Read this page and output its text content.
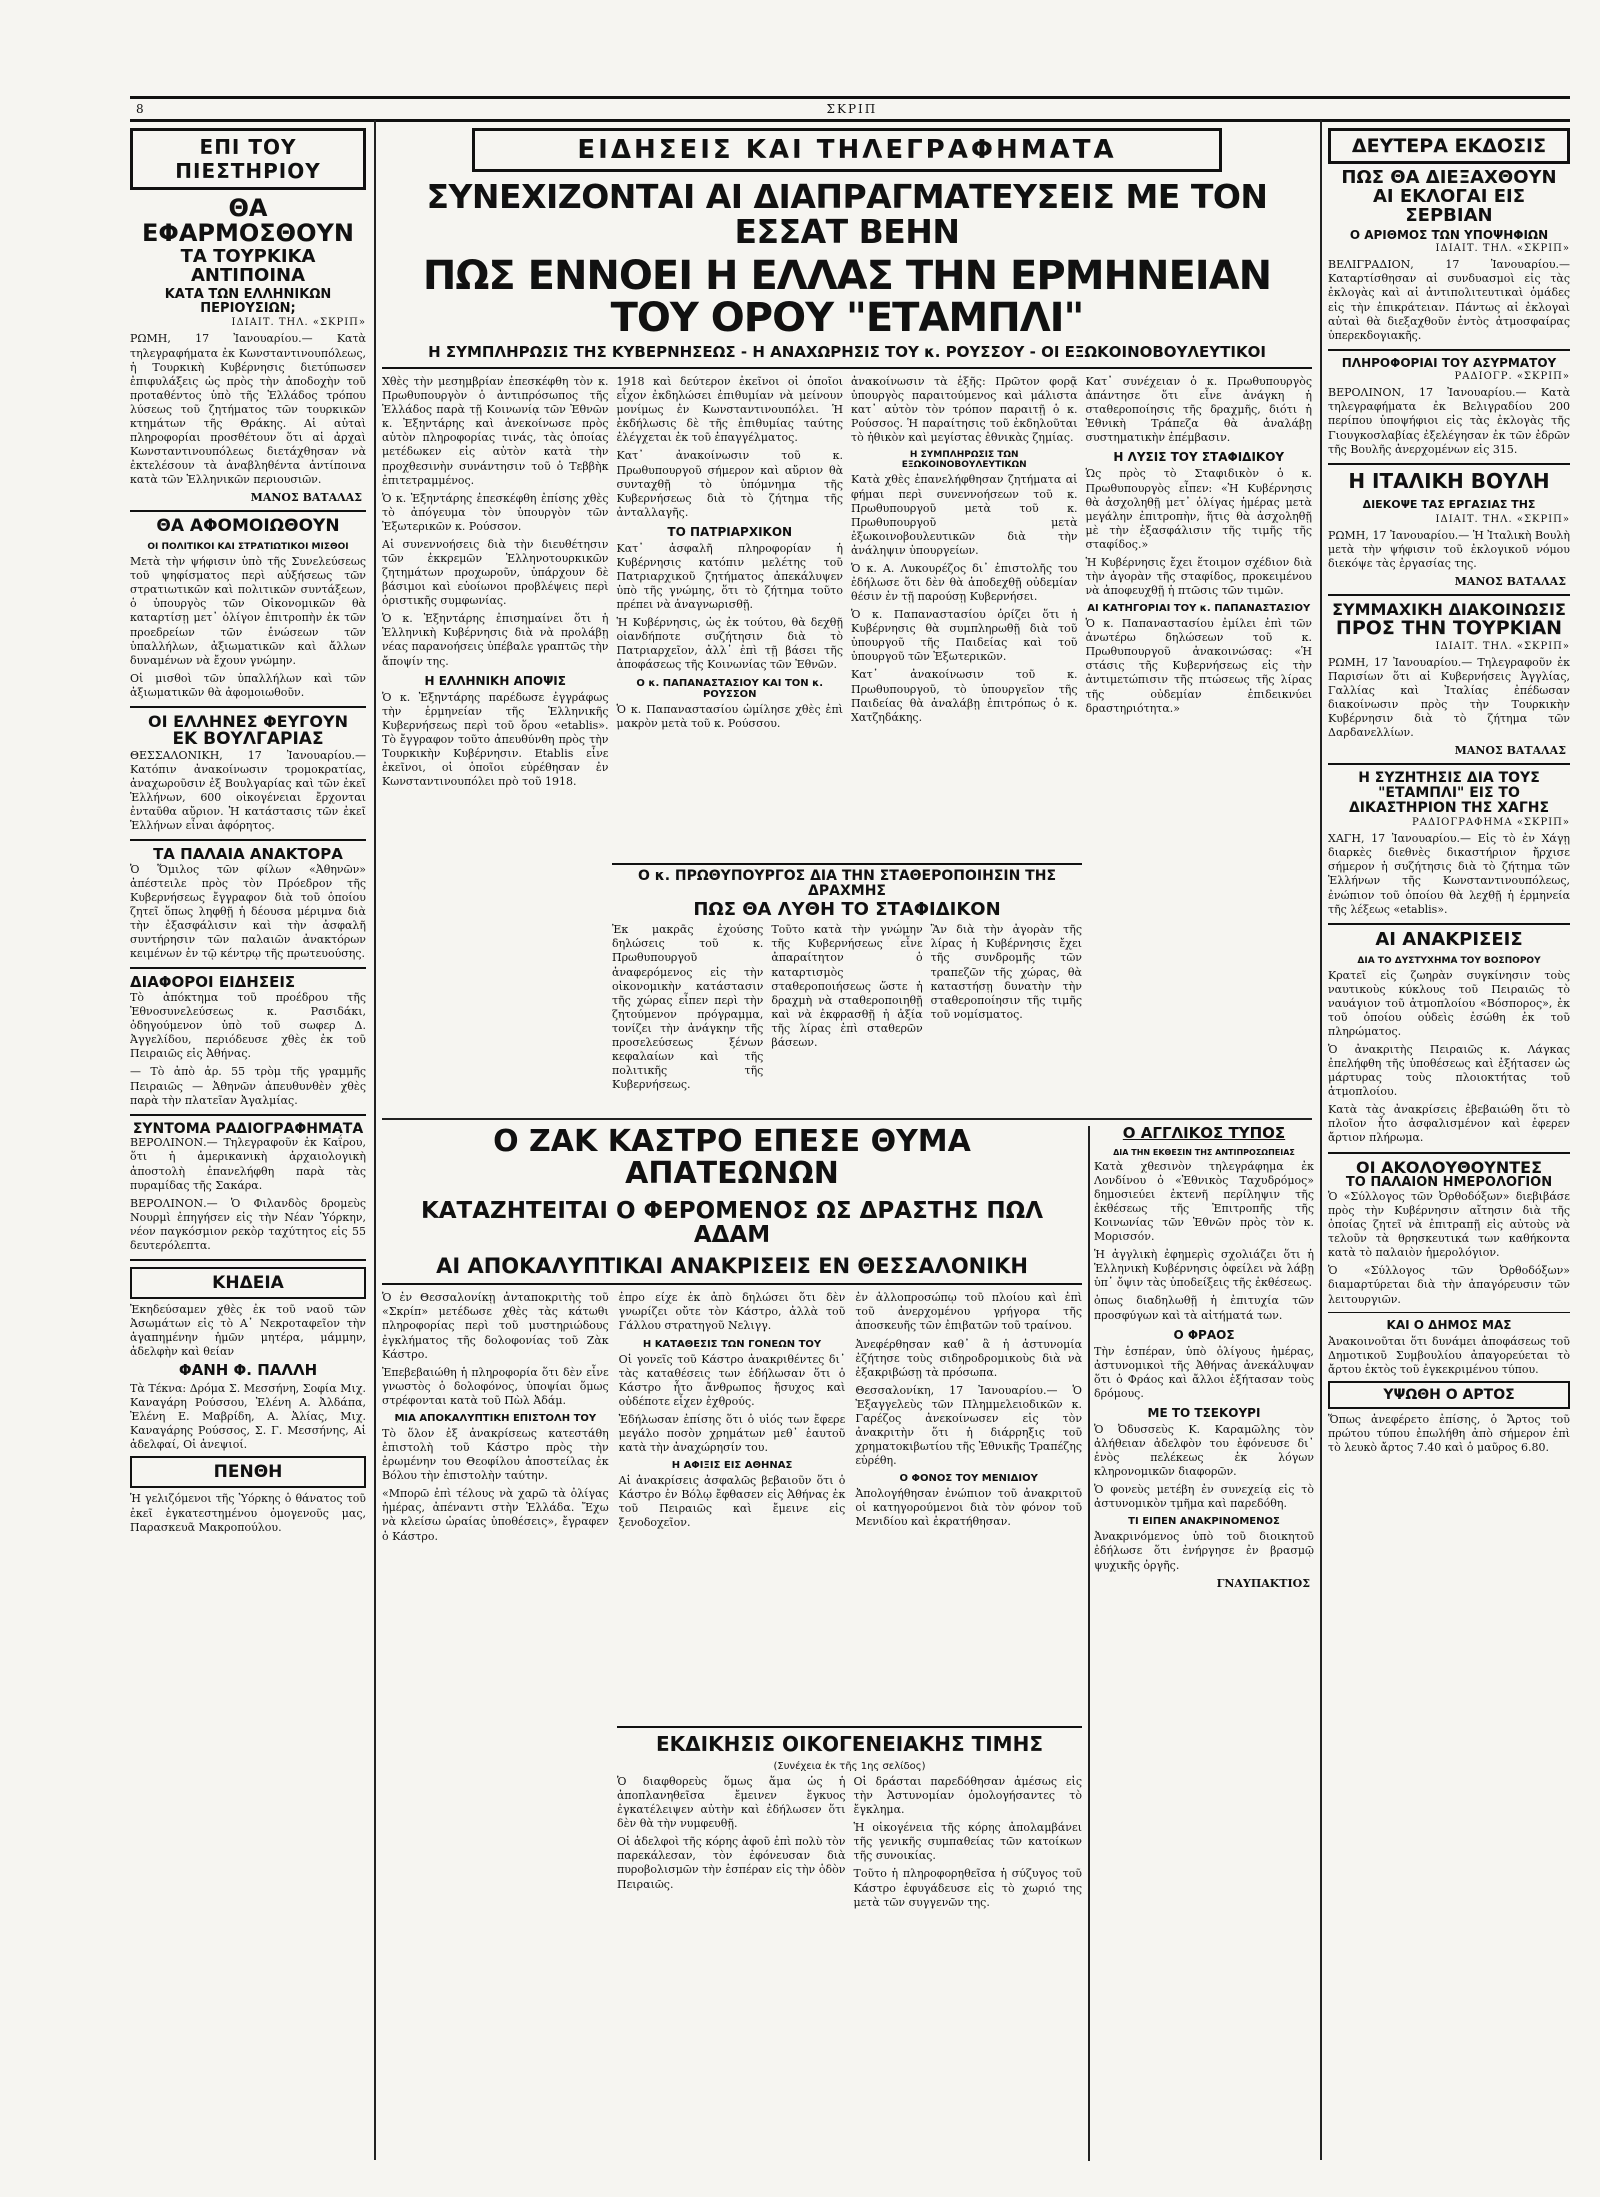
8	ΣΚΡΙΠ

ΕΠΙ ΤΟΥ ΠΙΕΣΤΗΡΙΟΥ
ΘΑ ΕΦΑΡΜΟΣΘΟΥΝ
ΤΑ ΤΟΥΡΚΙΚΑ ΑΝΤΙΠΟΙΝΑ
ΚΑΤΑ ΤΩΝ ΕΛΛΗΝΙΚΩΝ ΠΕΡΙΟΥΣΙΩΝ;
ΙΔΙΑΙΤ. ΤΗΛ. «ΣΚΡΙΠ»

ΡΩΜΗ, 17 Ἰανουαρίου.— Κατὰ τηλεγραφήματα ἐκ Κωνσταντινουπόλεως, ἡ Τουρκικὴ Κυβέρνησις διετύπωσεν ἐπιφυλάξεις ὡς πρὸς τὴν ἀποδοχὴν τοῦ προταθέντος ὑπὸ τῆς Ἑλλάδος τρόπου λύσεως τοῦ ζητήματος τῶν τουρκικῶν κτημάτων τῆς Θράκης. Αἱ αὐταὶ πληροφορίαι προσθέτουν ὅτι αἱ ἀρχαὶ Κωνσταντινουπόλεως διετάχθησαν νὰ ἐκτελέσουν τὰ ἀναβληθέντα ἀντίποινα κατὰ τῶν Ἑλληνικῶν περιουσιῶν.

ΜΑΝΟΣ ΒΑΤΑΛΑΣ
ΘΑ ΑΦΟΜΟΙΩΘΟΥΝ
ΟΙ ΠΟΛΙΤΙΚΟΙ ΚΑΙ ΣΤΡΑΤΙΩΤΙΚΟΙ ΜΙΣΘΟΙ

Μετὰ τὴν ψήφισιν ὑπὸ τῆς Συνελεύσεως τοῦ ψηφίσματος περὶ αὐξήσεως τῶν στρατιωτικῶν καὶ πολιτικῶν συντάξεων, ὁ ὑπουργὸς τῶν Οἰκονομικῶν θὰ καταρτίσῃ μετ᾽ ὀλίγον ἐπιτροπὴν ἐκ τῶν προεδρείων τῶν ἑνώσεων τῶν ὑπαλλήλων, ἀξιωματικῶν καὶ ἄλλων δυναμένων νὰ ἔχουν γνώμην.

Οἱ μισθοὶ τῶν ὑπαλλήλων καὶ τῶν ἀξιωματικῶν θὰ ἀφομοιωθοῦν.

ΟΙ ΕΛΛΗΝΕΣ ΦΕΥΓΟΥΝ
ΕΚ ΒΟΥΛΓΑΡΙΑΣ

ΘΕΣΣΑΛΟΝΙΚΗ, 17 Ἰανουαρίου.— Κατόπιν ἀνακοίνωσιν τρομοκρατίας, ἀναχωροῦσιν ἐξ Βουλγαρίας καὶ τῶν ἐκεῖ Ἑλλήνων, 600 οἰκογένειαι ἔρχονται ἐνταῦθα αὔριον. Ἡ κατάστασις τῶν ἐκεῖ Ἑλλήνων εἶναι ἀφόρητος.

ΤΑ ΠΑΛΑΙΑ ΑΝΑΚΤΟΡΑ

Ὁ Ὅμιλος τῶν φίλων «Ἀθηνῶν» ἀπέστειλε πρὸς τὸν Πρόεδρον τῆς Κυβερνήσεως ἔγγραφον διὰ τοῦ ὁποίου ζητεῖ ὅπως ληφθῇ ἡ δέουσα μέριμνα διὰ τὴν ἐξασφάλισιν καὶ τὴν ἀσφαλῆ συντήρησιν τῶν παλαιῶν ἀνακτόρων κειμένων ἐν τῷ κέντρῳ τῆς πρωτευούσης.

ΔΙΑΦΟΡΟΙ ΕΙΔΗΣΕΙΣ

Τὸ ἀπόκτημα τοῦ προέδρου τῆς Ἐθνοσυνελεύσεως κ. Ρασιδάκι, ὀδηγούμενον ὑπὸ τοῦ σωφερ Δ. Ἀγγελίδου, περιόδευσε χθὲς ἐκ τοῦ Πειραιῶς εἰς Ἀθήνας.

— Τὸ ἀπὸ ἀρ. 55 τρὸμ τῆς γραμμῆς Πειραιῶς — Ἀθηνῶν ἀπευθυνθὲν χθὲς παρὰ τὴν πλατεῖαν Ἀγαλμίας.

ΣΥΝΤΟΜΑ ΡΑΔΙΟΓΡΑΦΗΜΑΤΑ

ΒΕΡΟΛΙΝΟΝ.— Τηλεγραφοῦν ἐκ Καΐρου, ὅτι ἡ ἀμερικανικὴ ἀρχαιολογικὴ ἀποστολὴ ἐπανελήφθη παρὰ τὰς πυραμίδας τῆς Σακάρα.

ΒΕΡΟΛΙΝΟΝ.— Ὁ Φιλανδὸς δρομεὺς Νουρμὶ ἐπηγήσεν εἰς τὴν Νέαν Ὑόρκην, νέον παγκόσμιον ρεκὸρ ταχύτητος εἰς 55 δευτερόλεπτα.

ΚΗΔΕΙΑ

Ἐκηδεύσαμεν χθὲς ἐκ τοῦ ναοῦ τῶν Ἀσωμάτων εἰς τὸ Α᾽ Νεκροταφεῖον τὴν ἀγαπημένην ἡμῶν μητέρα, μάμμην, ἀδελφὴν καὶ θείαν

ΦΑΝΗ Φ. ΠΑΛΛΗ

Τὰ Τέκνα: Δρόμα Σ. Μεσσήνη, Σοφία Μιχ. Καναγάρη Ρούσσου, Ἐλένη Α. Ἀλδάπα, Ἐλένη Ε. Μαβρίδη, Α. Ἀλίας, Μιχ. Καναγάρης Ρούσσος, Σ. Γ. Μεσσήνης, Αἱ ἀδελφαί, Οἱ ἀνεψιοί.

ΠΕΝΘΗ

Ἡ γελιζόμενοι τῆς Ὑόρκης ὁ θάνατος τοῦ ἐκεῖ ἐγκατεστημένου ὁμογενοῦς μας, Παρασκευᾶ Μακροπούλου.

ΕΙΔΗΣΕΙΣ ΚΑΙ ΤΗΛΕΓΡΑΦΗΜΑΤΑ
ΣΥΝΕΧΙΖΟΝΤΑΙ ΑΙ ΔΙΑΠΡΑΓΜΑΤΕΥΣΕΙΣ ΜΕ ΤΟΝ ΕΣΣΑΤ ΒΕΗΝ
ΠΩΣ ΕΝΝΟΕΙ Η ΕΛΛΑΣ ΤΗΝ ΕΡΜΗΝΕΙΑΝ ΤΟΥ ΟΡΟΥ "ΕΤΑΜΠΛΙ"
Η ΣΥΜΠΛΗΡΩΣΙΣ ΤΗΣ ΚΥΒΕΡΝΗΣΕΩΣ - Η ΑΝΑΧΩΡΗΣΙΣ ΤΟΥ κ. ΡΟΥΣΣΟΥ - ΟΙ ΕΞΩΚΟΙΝΟΒΟΥΛΕΥΤΙΚΟΙ

Χθὲς τὴν μεσημβρίαν ἐπεσκέφθη τὸν κ. Πρωθυπουργὸν ὁ ἀντιπρόσωπος τῆς Ἑλλάδος παρὰ τῇ Κοινωνίᾳ τῶν Ἐθνῶν κ. Ἐξηντάρης καὶ ἀνεκοίνωσε πρὸς αὐτὸν πληροφορίας τινάς, τὰς ὁποίας μετέδωκεν εἰς αὐτὸν κατὰ τὴν προχθεσινὴν συνάντησιν τοῦ ὁ Τεββὴκ ἐπιτετραμμένος.

Ὁ κ. Ἐξηντάρης ἐπεσκέφθη ἐπίσης χθὲς τὸ ἀπόγευμα τὸν ὑπουργὸν τῶν Ἐξωτερικῶν κ. Ρούσσον.

Αἱ συνεννοήσεις διὰ τὴν διευθέτησιν τῶν ἐκκρεμῶν Ἑλληνοτουρκικῶν ζητημάτων προχωροῦν, ὑπάρχουν δὲ βάσιμοι καὶ εὐοίωνοι προβλέψεις περὶ ὁριστικῆς συμφωνίας.

Ὁ κ. Ἐξηντάρης ἐπισημαίνει ὅτι ἡ Ἑλληνικὴ Κυβέρνησις διὰ νὰ προλάβῃ νέας παρανοήσεις ὑπέβαλε γραπτῶς τὴν ἄποψίν της.

Η ΕΛΛΗΝΙΚΗ ΑΠΟΨΙΣ

Ὁ κ. Ἐξηντάρης παρέδωσε ἐγγράφως τὴν ἑρμηνείαν τῆς Ἑλληνικῆς Κυβερνήσεως περὶ τοῦ ὅρου «etablis». Τὸ ἔγγραφον τοῦτο ἀπευθύνθη πρὸς τὴν Τουρκικὴν Κυβέρνησιν. Etablis εἶνε ἐκεῖνοι, οἱ ὁποῖοι εὑρέθησαν ἐν Κωνσταντινουπόλει πρὸ τοῦ 1918.

1918 καὶ δεύτερον ἐκεῖνοι οἱ ὁποῖοι εἶχον ἐκδηλώσει ἐπιθυμίαν νὰ μείνουν μονίμως ἐν Κωνσταντινουπόλει. Ἡ ἐκδήλωσις δὲ τῆς ἐπιθυμίας ταύτης ἐλέγχεται ἐκ τοῦ ἐπαγγέλματος.

Κατ᾽ ἀνακοίνωσιν τοῦ κ. Πρωθυπουργοῦ σήμερον καὶ αὔριον θὰ συνταχθῇ τὸ ὑπόμνημα τῆς Κυβερνήσεως διὰ τὸ ζήτημα τῆς ἀνταλλαγῆς.

ΤΟ ΠΑΤΡΙΑΡΧΙΚΟΝ

Κατ᾽ ἀσφαλῆ πληροφορίαν ἡ Κυβέρνησις κατόπιν μελέτης τοῦ Πατριαρχικοῦ ζητήματος ἀπεκάλυψεν ὑπὸ τῆς γνώμης, ὅτι τὸ ζήτημα τοῦτο πρέπει νὰ ἀναγνωρισθῇ.

Ἡ Κυβέρνησις, ὡς ἐκ τούτου, θὰ δεχθῇ οἱανδήποτε συζήτησιν διὰ τὸ Πατριαρχεῖον, ἀλλ᾽ ἐπὶ τῇ βάσει τῆς ἀποφάσεως τῆς Κοινωνίας τῶν Ἐθνῶν.

Ο κ. ΠΑΠΑΝΑΣΤΑΣΙΟΥ ΚΑΙ ΤΟΝ κ. ΡΟΥΣΣΟΝ

Ὁ κ. Παπαναστασίου ὡμίλησε χθὲς ἐπὶ μακρὸν μετὰ τοῦ κ. Ρούσσου.

ἀνακοίνωσιν τὰ ἑξῆς: Πρῶτον φορᾷ ὑπουργὸς παραιτούμενος καὶ μάλιστα κατ᾽ αὐτὸν τὸν τρόπον παραιτῇ ὁ κ. Ρούσσος. Ἡ παραίτησις τοῦ ἐκδηλοῦται τὸ ἠθικὸν καὶ μεγίστας ἐθνικὰς ζημίας.

Η ΣΥΜΠΛΗΡΩΣΙΣ ΤΩΝ ΕΞΩΚΟΙΝΟΒΟΥΛΕΥΤΙΚΩΝ

Κατὰ χθὲς ἐπανελήφθησαν ζητήματα αἱ φήμαι περὶ συνεννοήσεων τοῦ κ. Πρωθυπουργοῦ μετὰ τοῦ κ. Πρωθυπουργοῦ μετὰ ἐξωκοινοβουλευτικῶν διὰ τὴν ἀνάληψιν ὑπουργείων.

Ὁ κ. Α. Λυκουρέζος δι᾽ ἐπιστολῆς του ἐδήλωσε ὅτι δὲν θὰ ἀποδεχθῇ οὐδεμίαν θέσιν ἐν τῇ παρούσῃ Κυβερνήσει.

Ὁ κ. Παπαναστασίου ὁρίζει ὅτι ἡ Κυβέρνησις θὰ συμπληρωθῇ διὰ τοῦ ὑπουργοῦ τῆς Παιδείας καὶ τοῦ ὑπουργοῦ τῶν Ἐξωτερικῶν.

Κατ᾽ ἀνακοίνωσιν τοῦ κ. Πρωθυπουργοῦ, τὸ ὑπουργεῖον τῆς Παιδείας θὰ ἀναλάβῃ ἐπιτρόπως ὁ κ. Χατζηδάκης.

Κατ᾽ συνέχειαν ὁ κ. Πρωθυπουργὸς ἀπάντησε ὅτι εἶνε ἀνάγκη ἡ σταθεροποίησις τῆς δραχμῆς, διότι ἡ Ἐθνικὴ Τράπεζα θὰ ἀναλάβῃ συστηματικὴν ἐπέμβασιν.

Η ΛΥΣΙΣ ΤΟΥ ΣΤΑΦΙΔΙΚΟΥ

Ὡς πρὸς τὸ Σταφιδικὸν ὁ κ. Πρωθυπουργὸς εἶπεν: «Ἡ Κυβέρνησις θὰ ἀσχοληθῇ μετ᾽ ὀλίγας ἡμέρας μετὰ μεγάλην ἐπιτροπὴν, ἥτις θὰ ἀσχοληθῇ μὲ τὴν ἐξασφάλισιν τῆς τιμῆς τῆς σταφίδος.»

Ἡ Κυβέρνησις ἔχει ἕτοιμον σχέδιον διὰ τὴν ἀγορὰν τῆς σταφίδος, προκειμένου νὰ ἀποφευχθῇ ἡ πτῶσις τῶν τιμῶν.

ΑΙ ΚΑΤΗΓΟΡΙΑΙ ΤΟΥ κ. ΠΑΠΑΝΑΣΤΑΣΙΟΥ

Ὁ κ. Παπαναστασίου ἐμίλει ἐπὶ τῶν ἀνωτέρω δηλώσεων τοῦ κ. Πρωθυπουργοῦ ἀνακοινώσας: «Ἡ στάσις τῆς Κυβερνήσεως εἰς τὴν ἀντιμετώπισιν τῆς πτώσεως τῆς λίρας τῆς οὐδεμίαν ἐπιδεικνύει δραστηριότητα.»

Ο κ. ΠΡΩΘΥΠΟΥΡΓΟΣ ΔΙΑ ΤΗΝ ΣΤΑΘΕΡΟΠΟΙΗΣΙΝ ΤΗΣ ΔΡΑΧΜΗΣ
ΠΩΣ ΘΑ ΛΥΘΗ ΤΟ ΣΤΑΦΙΔΙΚΟΝ

Ἐκ μακρᾶς ἐχούσης δηλώσεις τοῦ κ. Πρωθυπουργοῦ ἀναφερόμενος εἰς τὴν οἰκονομικὴν κατάστασιν τῆς χώρας εἶπεν περὶ τὴν ζητούμενον πρόγραμμα, τονίζει τὴν ἀνάγκην τῆς προσελεύσεως ξένων κεφαλαίων καὶ τῆς πολιτικῆς τῆς Κυβερνήσεως.

Τοῦτο κατὰ τὴν γνώμην τῆς Κυβερνήσεως εἶνε ἀπαραίτητον ὁ καταρτισμὸς σταθεροποιήσεως ὥστε ἡ δραχμὴ νὰ σταθεροποιηθῇ καὶ νὰ ἐκφρασθῇ ἡ ἀξία τῆς λίρας ἐπὶ σταθερῶν βάσεων.

Ἂν διὰ τὴν ἀγορὰν τῆς λίρας ἡ Κυβέρνησις ἔχει τῆς συνδρομῆς τῶν τραπεζῶν τῆς χώρας, θὰ καταστήσῃ δυνατὴν τὴν σταθεροποίησιν τῆς τιμῆς τοῦ νομίσματος.

Ο ΖΑΚ ΚΑΣΤΡΟ ΕΠΕΣΕ ΘΥΜΑ ΑΠΑΤΕΩΝΩΝ
ΚΑΤΑΖΗΤΕΙΤΑΙ Ο ΦΕΡΟΜΕΝΟΣ ΩΣ ΔΡΑΣΤΗΣ ΠΩΛ ΑΔΑΜ
ΑΙ ΑΠΟΚΑΛΥΠΤΙΚΑΙ ΑΝΑΚΡΙΣΕΙΣ ΕΝ ΘΕΣΣΑΛΟΝΙΚΗ

Ὁ ἐν Θεσσαλονίκῃ ἀνταποκριτὴς τοῦ «Σκρίπ» μετέδωσε χθὲς τὰς κάτωθι πληροφορίας περὶ τοῦ μυστηριώδους ἐγκλήματος τῆς δολοφονίας τοῦ Ζὰκ Κάστρο.

Ἐπεβεβαιώθη ἡ πληροφορία ὅτι δὲν εἶνε γνωστὸς ὁ δολοφόνος, ὑποψίαι ὅμως στρέφονται κατὰ τοῦ Πὼλ Ἀδάμ.

ΜΙΑ ΑΠΟΚΑΛΥΠΤΙΚΗ ΕΠΙΣΤΟΛΗ ΤΟΥ

Τὸ ὅλον ἐξ ἀνακρίσεως κατεστάθη ἐπιστολὴ τοῦ Κάστρο πρὸς τὴν ἐρωμένην του Θεοφίλου ἀποστείλας ἐκ Βόλου τὴν ἐπιστολὴν ταύτην.

«Μπορῶ ἐπὶ τέλους νὰ χαρῶ τὰ ὀλίγας ἡμέρας, ἀπέναντι στὴν Ἑλλάδα. Ἔχω νὰ κλείσω ὡραίας ὑποθέσεις», ἔγραφεν ὁ Κάστρο.

ἐπρο είχε ἐκ ἀπὸ δηλώσει ὅτι δὲν γνωρίζει οὔτε τὸν Κάστρο, ἀλλὰ τοῦ Γάλλου στρατηγοῦ Νελιγγ.

Η ΚΑΤΑΘΕΣΙΣ ΤΩΝ ΓΟΝΕΩΝ ΤΟΥ

Οἱ γονεῖς τοῦ Κάστρο ἀνακριθέντες δι᾽ τὰς καταθέσεις των ἐδήλωσαν ὅτι ὁ Κάστρο ἦτο ἄνθρωπος ἥσυχος καὶ οὐδέποτε εἶχεν ἐχθρούς.

Ἐδήλωσαν ἐπίσης ὅτι ὁ υἱός των ἔφερε μεγάλο ποσὸν χρημάτων μεθ᾽ ἑαυτοῦ κατὰ τὴν ἀναχώρησίν του.

Η ΑΦΙΞΙΣ ΕΙΣ ΑΘΗΝΑΣ

Αἱ ἀνακρίσεις ἀσφαλῶς βεβαιοῦν ὅτι ὁ Κάστρο ἐν Βόλῳ ἔφθασεν εἰς Ἀθήνας ἐκ τοῦ Πειραιῶς καὶ ἔμεινε εἰς ξενοδοχεῖον.

ἐν ἀλλοπροσώπῳ τοῦ πλοίου καὶ ἐπὶ τοῦ ἀνερχομένου γρήγορα τῆς ἀποσκευῆς τῶν ἐπιβατῶν τοῦ τραίνου.

Ἀνεφέρθησαν καθ᾽ ἃ ἡ ἀστυνομία ἐζήτησε τοὺς σιδηροδρομικοὺς διὰ νὰ ἐξακριβώσῃ τὰ πρόσωπα.

Θεσσαλονίκη, 17 Ἰανουαρίου.— Ὁ Ἐξαγγελεὺς τῶν Πλημμελειοδικῶν κ. Γαρέζος ἀνεκοίνωσεν εἰς τὸν ἀνακριτὴν ὅτι ἡ διάρρηξις τοῦ χρηματοκιβωτίου τῆς Ἐθνικῆς Τραπέζης εὑρέθη.

Ο ΦΟΝΟΣ ΤΟΥ ΜΕΝΙΔΙΟΥ

Ἀπολογήθησαν ἐνώπιον τοῦ ἀνακριτοῦ οἱ κατηγορούμενοι διὰ τὸν φόνον τοῦ Μενιδίου καὶ ἐκρατήθησαν.

ΕΚΔΙΚΗΣΙΣ ΟΙΚΟΓΕΝΕΙΑΚΗΣ ΤΙΜΗΣ
(Συνέχεια ἐκ τῆς 1ης σελίδος)

Ὁ διαφθορεὺς ὅμως ἅμα ὡς ἡ ἀποπλανηθεῖσα ἔμεινεν ἔγκυος ἐγκατέλειψεν αὐτὴν καὶ ἐδήλωσεν ὅτι δὲν θὰ τὴν νυμφευθῇ.

Οἱ ἀδελφοὶ τῆς κόρης ἀφοῦ ἐπὶ πολὺ τὸν παρεκάλεσαν, τὸν ἐφόνευσαν διὰ πυροβολισμῶν τὴν ἑσπέραν εἰς τὴν ὁδὸν Πειραιῶς.

Οἱ δράσται παρεδόθησαν ἀμέσως εἰς τὴν Ἀστυνομίαν ὁμολογήσαντες τὸ ἔγκλημα.

Ἡ οἰκογένεια τῆς κόρης ἀπολαμβάνει τῆς γενικῆς συμπαθείας τῶν κατοίκων τῆς συνοικίας.

Τοῦτο ἡ πληροφορηθεῖσα ἡ σύζυγος τοῦ Κάστρο ἐφυγάδευσε εἰς τὸ χωριό της μετὰ τῶν συγγενῶν της.

Ο ΑΓΓΛΙΚΟΣ ΤΥΠΟΣ
ΔΙΑ ΤΗΝ ΕΚΘΕΣΙΝ ΤΗΣ ΑΝΤΙΠΡΟΣΩΠΕΙΑΣ

Κατὰ χθεσινὸν τηλεγράφημα ἐκ Λονδίνου ὁ «Ἐθνικὸς Ταχυδρόμος» δημοσιεύει ἐκτενῆ περίληψιν τῆς ἐκθέσεως τῆς Ἐπιτροπῆς τῆς Κοινωνίας τῶν Ἐθνῶν πρὸς τὸν κ. Μορισσόν.

Ἡ ἀγγλικὴ ἐφημερὶς σχολιάζει ὅτι ἡ Ἑλληνικὴ Κυβέρνησις ὀφείλει νὰ λάβῃ ὑπ᾽ ὄψιν τὰς ὑποδείξεις τῆς ἐκθέσεως.

ὁπως διαδηλωθῇ ἡ ἐπιτυχία τῶν προσφύγων καὶ τὰ αἰτήματά των.

Ο ΦΡΑΟΣ

Τὴν ἑσπέραν, ὑπὸ ὀλίγους ἡμέρας, ἀστυνομικοὶ τῆς Ἀθήνας ἀνεκάλυψαν ὅτι ὁ Φράος καὶ ἄλλοι ἐξήτασαν τοὺς δρόμους.

ΜΕ ΤΟ ΤΣΕΚΟΥΡΙ

Ὁ Ὀδυσσεὺς Κ. Καραμῶλης τὸν ἀλήθειαν ἀδελφὸν του ἐφόνευσε δι᾽ ἑνὸς πελέκεως ἐκ λόγων κληρονομικῶν διαφορῶν.

Ὁ φονεὺς μετέβη ἐν συνεχείᾳ εἰς τὸ ἀστυνομικὸν τμῆμα καὶ παρεδόθη.

ΤΙ ΕΙΠΕΝ ΑΝΑΚΡΙΝΟΜΕΝΟΣ

Ἀνακρινόμενος ὑπὸ τοῦ διοικητοῦ ἐδήλωσε ὅτι ἐνήργησε ἐν βρασμῷ ψυχικῆς ὀργῆς.

ΓΝΑΥΠΑΚΤΙΟΣ
ΔΕΥΤΕΡΑ ΕΚΔΟΣΙΣ
ΠΩΣ ΘΑ ΔΙΕΞΑΧΘΟΥΝ ΑΙ ΕΚΛΟΓΑΙ ΕΙΣ ΣΕΡΒΙΑΝ
Ο ΑΡΙΘΜΟΣ ΤΩΝ ΥΠΟΨΗΦΙΩΝ
ΙΔΙΑΙΤ. ΤΗΛ. «ΣΚΡΙΠ»

ΒΕΛΙΓΡΑΔΙΟΝ, 17 Ἰανουαρίου.— Καταρτίσθησαν αἱ συνδυασμοὶ εἰς τὰς ἐκλογὰς καὶ αἱ ἀντιπολιτευτικαὶ ὁμάδες εἰς τὴν ἐπικράτειαν. Πάντως αἱ ἐκλογαὶ αὐταὶ θὰ διεξαχθοῦν ἐντὸς ἀτμοσφαίρας ὑπερεκδογιακῆς.

ΠΛΗΡΟΦΟΡΙΑΙ ΤΟΥ ΑΣΥΡΜΑΤΟΥ
ΡΑΔΙΟΓΡ. «ΣΚΡΙΠ»

ΒΕΡΟΛΙΝΟΝ, 17 Ἰανουαρίου.— Κατὰ τηλεγραφήματα ἐκ Βελιγραδίου 200 περίπου ὑποψήφιοι εἰς τὰς ἐκλογὰς τῆς Γιουγκοσλαβίας ἐξελέγησαν ἐκ τῶν ἐδρῶν τῆς Βουλῆς ἀνερχομένων εἰς 315.

Η ΙΤΑΛΙΚΗ ΒΟΥΛΗ
ΔΙΕΚΟΨΕ ΤΑΣ ΕΡΓΑΣΙΑΣ ΤΗΣ
ΙΔΙΑΙΤ. ΤΗΛ. «ΣΚΡΙΠ»

ΡΩΜΗ, 17 Ἰανουαρίου.— Ἡ Ἰταλικὴ Βουλὴ μετὰ τὴν ψήφισιν τοῦ ἐκλογικοῦ νόμου διεκόψε τὰς ἐργασίας της.

ΜΑΝΟΣ ΒΑΤΑΛΑΣ
ΣΥΜΜΑΧΙΚΗ ΔΙΑΚΟΙΝΩΣΙΣ
ΠΡΟΣ ΤΗΝ ΤΟΥΡΚΙΑΝ
ΙΔΙΑΙΤ. ΤΗΛ. «ΣΚΡΙΠ»

ΡΩΜΗ, 17 Ἰανουαρίου.— Τηλεγραφοῦν ἐκ Παρισίων ὅτι αἱ Κυβερνήσεις Ἀγγλίας, Γαλλίας καὶ Ἰταλίας ἐπέδωσαν διακοίνωσιν πρὸς τὴν Τουρκικὴν Κυβέρνησιν διὰ τὸ ζήτημα τῶν Δαρδανελλίων.

ΜΑΝΟΣ ΒΑΤΑΛΑΣ
Η ΣΥΖΗΤΗΣΙΣ ΔΙΑ ΤΟΥΣ "ΕΤΑΜΠΛΙ" ΕΙΣ ΤΟ ΔΙΚΑΣΤΗΡΙΟΝ ΤΗΣ ΧΑΓΗΣ
ΡΑΔΙΟΓΡΑΦΗΜΑ «ΣΚΡΙΠ»

ΧΑΓΗ, 17 Ἰανουαρίου.— Εἰς τὸ ἐν Χάγῃ διαρκὲς διεθνὲς δικαστήριον ἤρχισε σήμερον ἡ συζήτησις διὰ τὸ ζήτημα τῶν Ἑλλήνων τῆς Κωνσταντινουπόλεως, ἐνώπιον τοῦ ὁποίου θὰ λεχθῇ ἡ ἑρμηνεία τῆς λέξεως «etablis».

ΑΙ ΑΝΑΚΡΙΣΕΙΣ
ΔΙΑ ΤΟ ΔΥΣΤΥΧΗΜΑ ΤΟΥ ΒΟΣΠΟΡΟΥ

Κρατεῖ εἰς ζωηρὰν συγκίνησιν τοὺς ναυτικοὺς κύκλους τοῦ Πειραιῶς τὸ ναυάγιον τοῦ ἀτμοπλοίου «Βόσπορος», ἐκ τοῦ ὁποίου οὐδεὶς ἐσώθη ἐκ τοῦ πληρώματος.

Ὁ ἀνακριτὴς Πειραιῶς κ. Λάγκας ἐπελήφθη τῆς ὑποθέσεως καὶ ἐξήτασεν ὡς μάρτυρας τοὺς πλοιοκτήτας τοῦ ἀτμοπλοίου.

Κατὰ τὰς ἀνακρίσεις ἐβεβαιώθη ὅτι τὸ πλοῖον ἦτο ἀσφαλισμένον καὶ ἐφερεν ἄρτιον πλήρωμα.

ΟΙ ΑΚΟΛΟΥΘΟΥΝΤΕΣ
ΤΟ ΠΑΛΑΙΟΝ ΗΜΕΡΟΛΟΓΙΟΝ

Ὁ «Σύλλογος τῶν Ὀρθοδόξων» διεβιβάσε πρὸς τὴν Κυβέρνησιν αἴτησιν διὰ τῆς ὁποίας ζητεῖ νὰ ἐπιτραπῇ εἰς αὐτοὺς νὰ τελοῦν τὰ θρησκευτικά των καθήκοντα κατὰ τὸ παλαιὸν ἡμερολόγιον.

Ὁ «Σύλλογος τῶν Ὀρθοδόξων» διαμαρτύρεται διὰ τὴν ἀπαγόρευσιν τῶν λειτουργιῶν.

ΚΑΙ Ο ΔΗΜΟΣ ΜΑΣ

Ἀνακοινοῦται ὅτι δυνάμει ἀποφάσεως τοῦ Δημοτικοῦ Συμβουλίου ἀπαγορεύεται τὸ ἄρτου ἐκτὸς τοῦ ἐγκεκριμένου τύπου.

ΥΨΩΘΗ Ο ΑΡΤΟΣ

Ὅπως ἀνεφέρετο ἐπίσης, ὁ Ἄρτος τοῦ πρώτου τύπου ἐπωλήθη ἀπὸ σήμερον ἐπὶ τὸ λευκὸ ἄρτος 7.40 καὶ ὁ μαῦρος 6.80.
